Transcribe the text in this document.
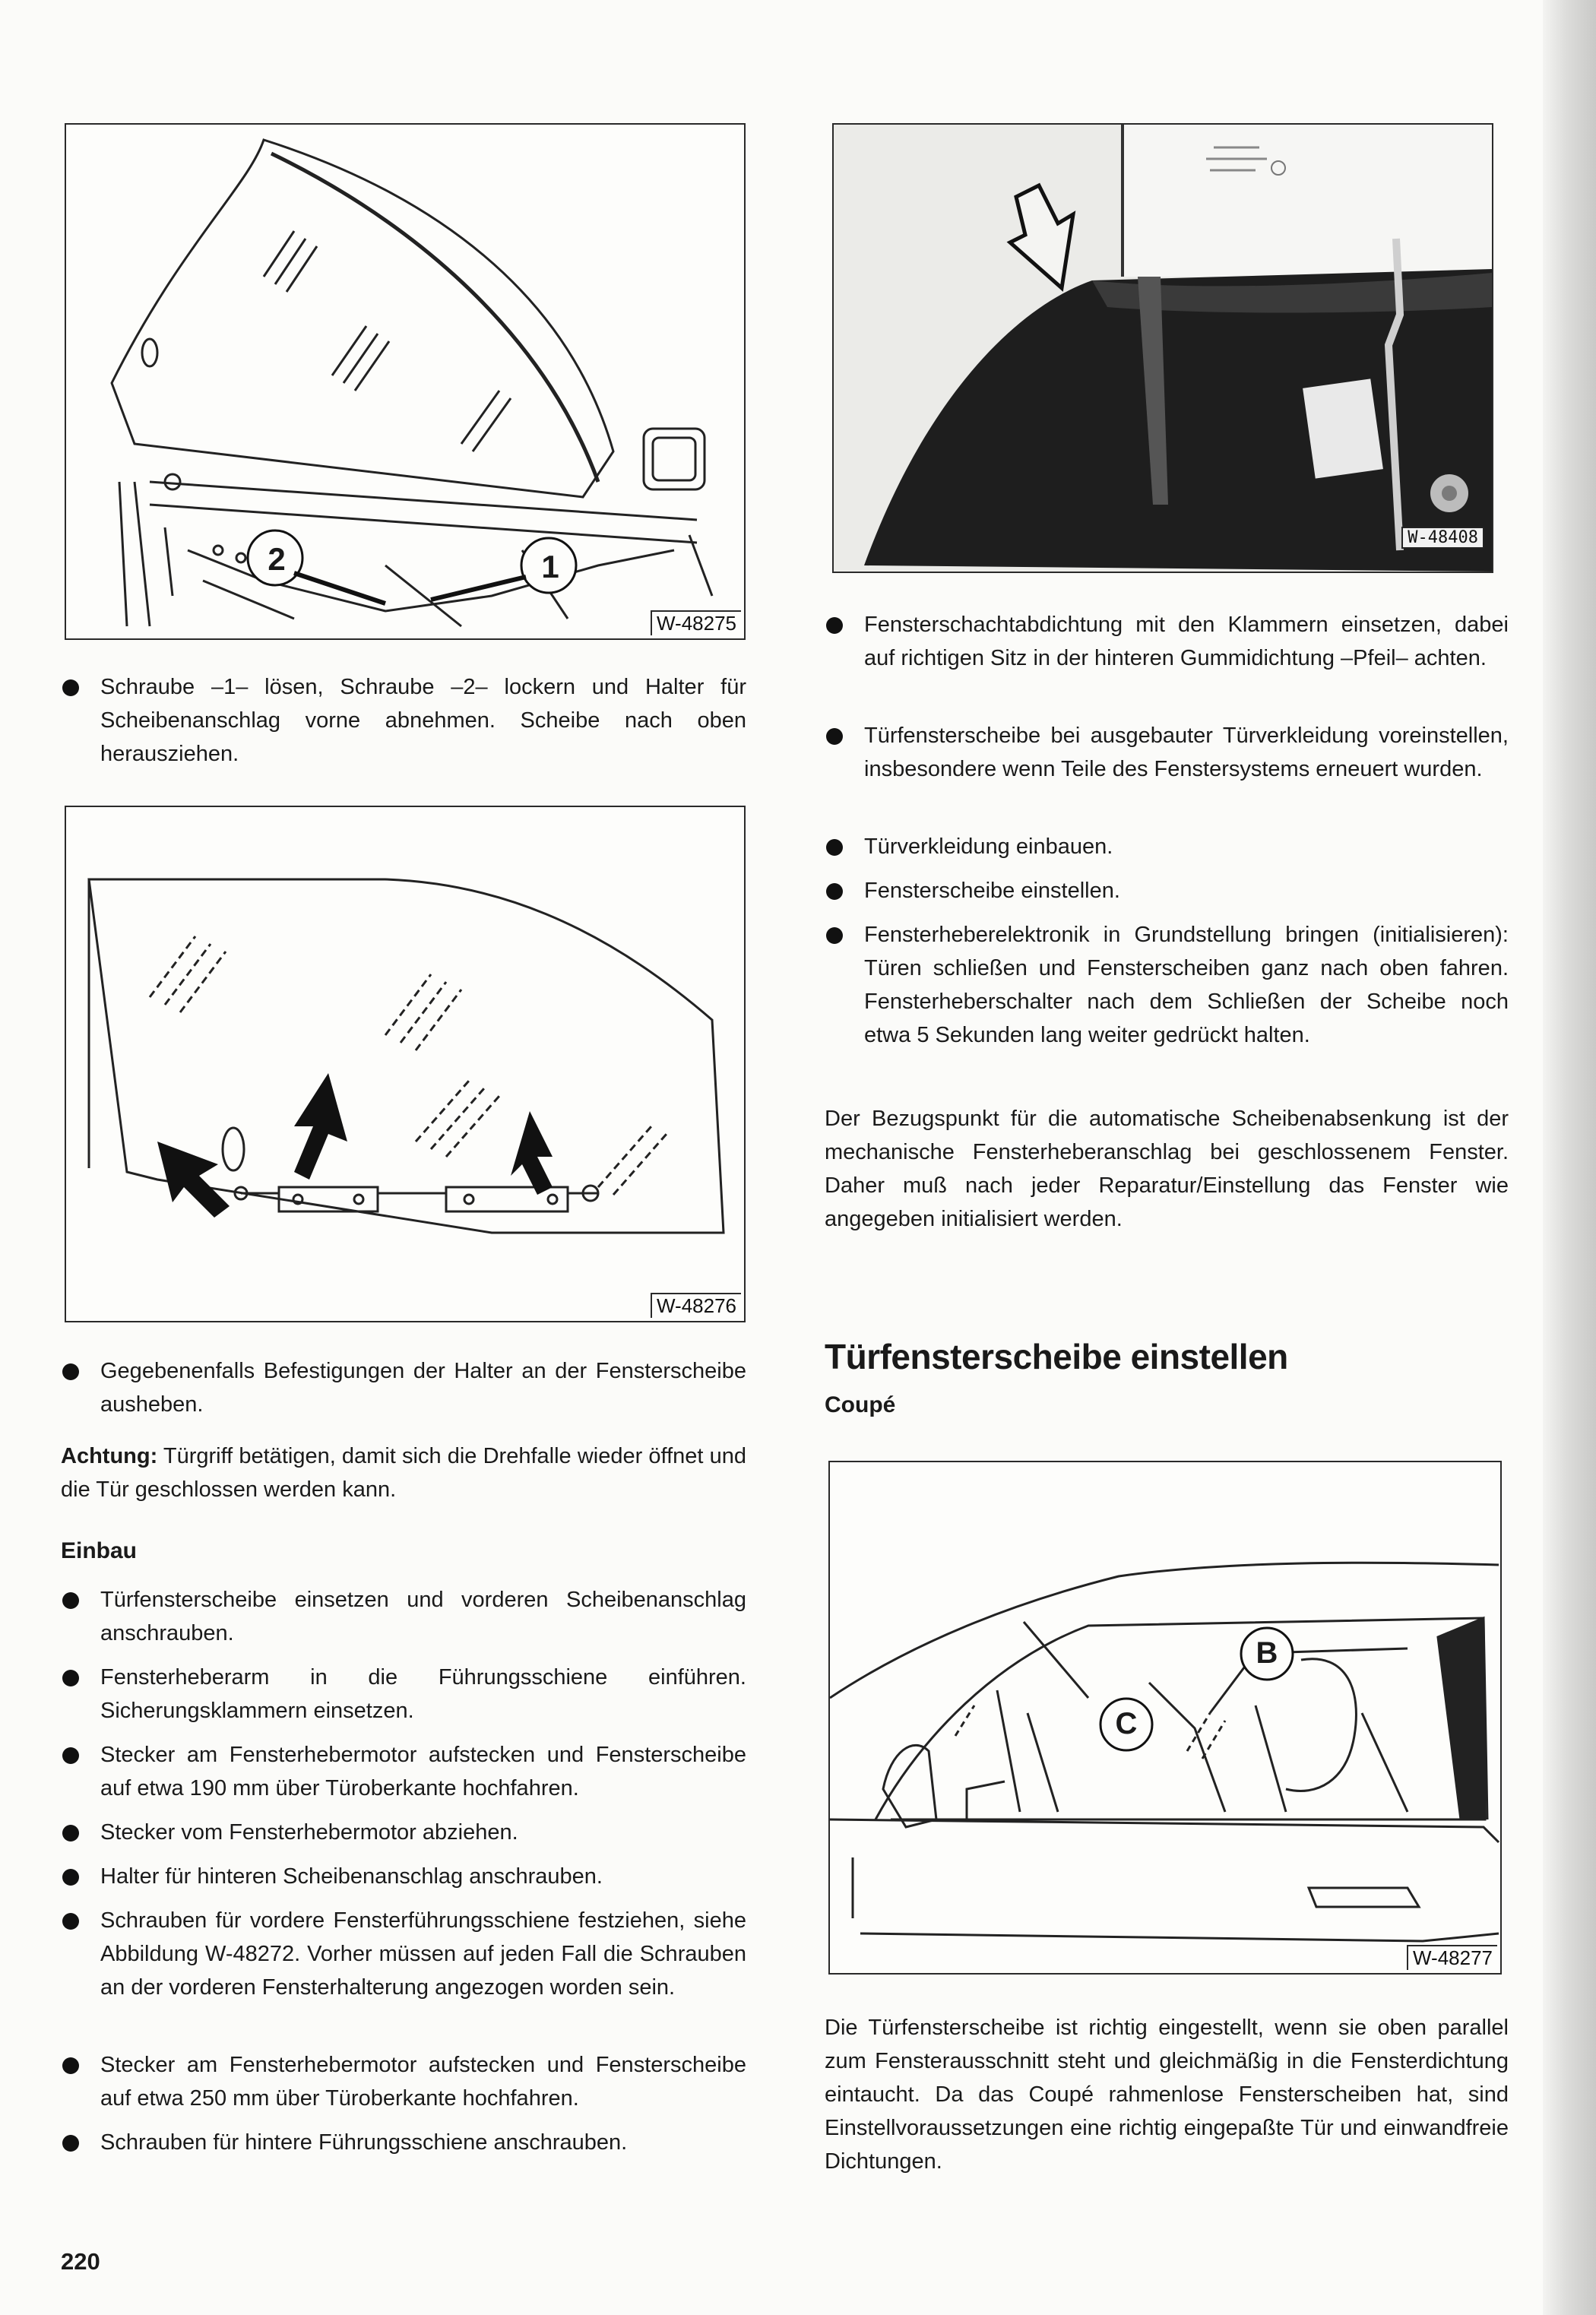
2	1
W-48275
Schraube –1– lösen, Schraube –2– lockern und Halter für Scheibenanschlag vorne abnehmen. Scheibe nach oben herausziehen.
W-48276
Gegebenenfalls Befestigungen der Halter an der Fensterscheibe ausheben.
Achtung: Türgriff betätigen, damit sich die Drehfalle wieder öffnet und die Tür geschlossen werden kann.
Einbau
Türfensterscheibe einsetzen und vorderen Scheibenanschlag anschrauben.
Fensterheberarm in die Führungsschiene einführen. Sicherungsklammern einsetzen.
Stecker am Fensterhebermotor aufstecken und Fensterscheibe auf etwa 190 mm über Türoberkante hochfahren.
Stecker vom Fensterhebermotor abziehen.
Halter für hinteren Scheibenanschlag anschrauben.
Schrauben für vordere Fensterführungsschiene festziehen, siehe Abbildung W-48272. Vorher müssen auf jeden Fall die Schrauben an der vorderen Fensterhalterung angezogen worden sein.
Stecker am Fensterhebermotor aufstecken und Fensterscheibe auf etwa 250 mm über Türoberkante hochfahren.
Schrauben für hintere Führungsschiene anschrauben.
220
W-48408
Fensterschachtabdichtung mit den Klammern einsetzen, dabei auf richtigen Sitz in der hinteren Gummidichtung –Pfeil– achten.
Türfensterscheibe bei ausgebauter Türverkleidung voreinstellen, insbesondere wenn Teile des Fenstersystems erneuert wurden.
Türverkleidung einbauen.
Fensterscheibe einstellen.
Fensterheberelektronik in Grundstellung bringen (initialisieren): Türen schließen und Fensterscheiben ganz nach oben fahren. Fensterheberschalter nach dem Schließen der Scheibe noch etwa 5 Sekunden lang weiter gedrückt halten.
Der Bezugspunkt für die automatische Scheibenabsenkung ist der mechanische Fensterheberanschlag bei geschlossenem Fenster. Daher muß nach jeder Reparatur/Einstellung das Fenster wie angegeben initialisiert werden.
Türfensterscheibe einstellen
Coupé
C
B
W-48277
Die Türfensterscheibe ist richtig eingestellt, wenn sie oben parallel zum Fensterausschnitt steht und gleichmäßig in die Fensterdichtung eintaucht. Da das Coupé rahmenlose Fensterscheiben hat, sind Einstellvoraussetzungen eine richtig eingepaßte Tür und einwandfreie Dichtungen.
